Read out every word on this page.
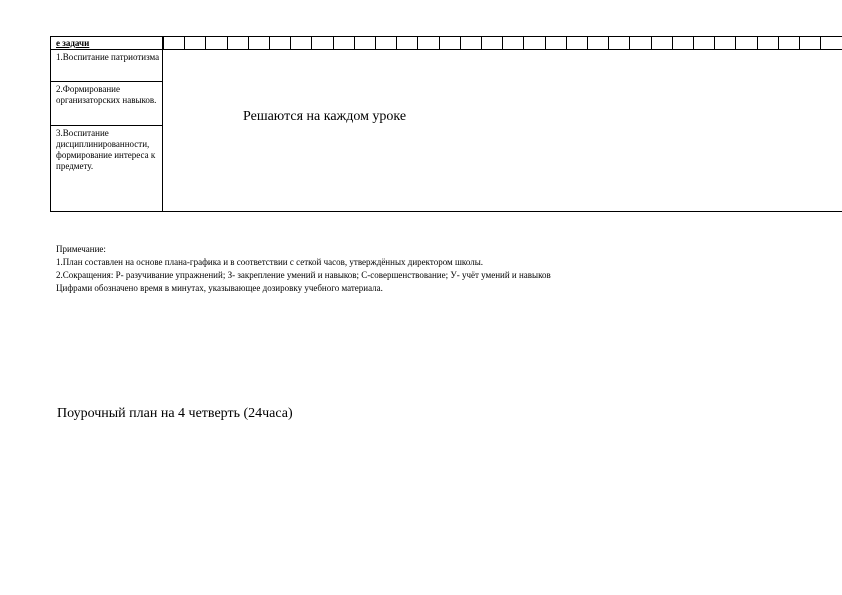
е задачи
1.Воспитание патриотизма
2.Формирование организаторских навыков.
3.Воспитание дисциплинированности, формирование интереса к предмету.
Решаются на каждом уроке
Примечание:
1.План составлен на основе плана-графика и в соответствии с сеткой часов, утверждённых директором школы.
2.Сокращения: Р- разучивание упражнений; З- закрепление умений и навыков; С-совершенствование; У- учёт умений и навыков
Цифрами обозначено время в минутах, указывающее дозировку учебного материала.
Поурочный план на 4 четверть (24часа)
